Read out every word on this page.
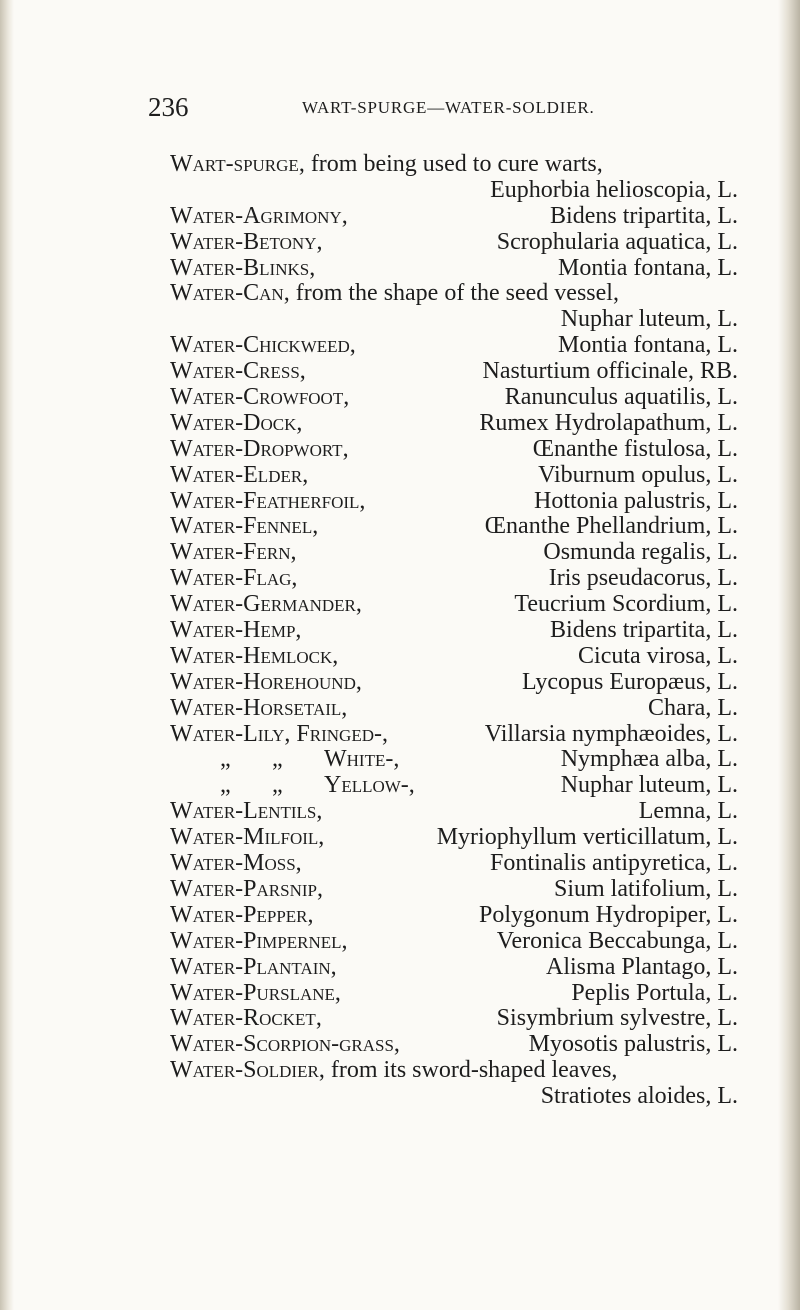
236	WART-SPURGE—WATER-SOLDIER.
Wart-spurge, from being used to cure warts,
Euphorbia helioscopia, L.
Water-Agrimony,	Bidens tripartita, L.
Water-Betony,	Scrophularia aquatica, L.
Water-Blinks,	Montia fontana, L.
Water-Can, from the shape of the seed vessel,
Nuphar luteum, L.
Water-Chickweed,	Montia fontana, L.
Water-Cress,	Nasturtium officinale, RB.
Water-Crowfoot,	Ranunculus aquatilis, L.
Water-Dock,	Rumex Hydrolapathum, L.
Water-Dropwort,	Œnanthe fistulosa, L.
Water-Elder,	Viburnum opulus, L.
Water-Featherfoil,	Hottonia palustris, L.
Water-Fennel,	Œnanthe Phellandrium, L.
Water-Fern,	Osmunda regalis, L.
Water-Flag,	Iris pseudacorus, L.
Water-Germander,	Teucrium Scordium, L.
Water-Hemp,	Bidens tripartita, L.
Water-Hemlock,	Cicuta virosa, L.
Water-Horehound,	Lycopus Europæus, L.
Water-Horsetail,	Chara, L.
Water-Lily, Fringed-,	Villarsia nymphæoides, L.
„ „ White-,	Nymphæa alba, L.
„ „ Yellow-,	Nuphar luteum, L.
Water-Lentils,	Lemna, L.
Water-Milfoil,	Myriophyllum verticillatum, L.
Water-Moss,	Fontinalis antipyretica, L.
Water-Parsnip,	Sium latifolium, L.
Water-Pepper,	Polygonum Hydropiper, L.
Water-Pimpernel,	Veronica Beccabunga, L.
Water-Plantain,	Alisma Plantago, L.
Water-Purslane,	Peplis Portula, L.
Water-Rocket,	Sisymbrium sylvestre, L.
Water-Scorpion-grass,	Myosotis palustris, L.
Water-Soldier, from its sword-shaped leaves,
Stratiotes aloides, L.
